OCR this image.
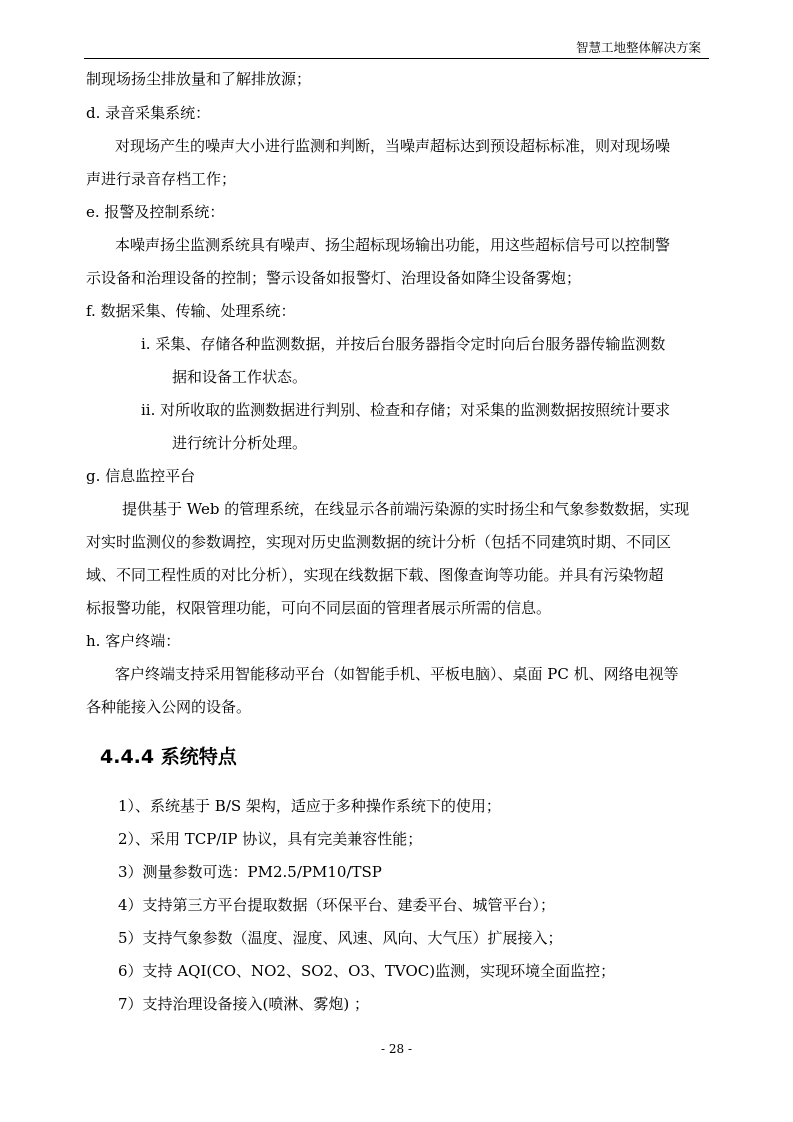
智慧工地整体解决方案
制现场扬尘排放量和了解排放源；
d. 录音采集系统：
对现场产生的噪声大小进行监测和判断，当噪声超标达到预设超标标准，则对现场噪
声进行录音存档工作；
e. 报警及控制系统：
本噪声扬尘监测系统具有噪声、扬尘超标现场输出功能，用这些超标信号可以控制警
示设备和治理设备的控制；警示设备如报警灯、治理设备如降尘设备雾炮；
f. 数据采集、传输、处理系统：
i. 采集、存储各种监测数据，并按后台服务器指令定时向后台服务器传输监测数
据和设备工作状态。
ii. 对所收取的监测数据进行判别、检查和存储；对采集的监测数据按照统计要求
进行统计分析处理。
g. 信息监控平台
提供基于 Web 的管理系统，在线显示各前端污染源的实时扬尘和气象参数数据，实现
对实时监测仪的参数调控，实现对历史监测数据的统计分析（包括不同建筑时期、不同区
域、不同工程性质的对比分析），实现在线数据下载、图像查询等功能。并具有污染物超
标报警功能，权限管理功能，可向不同层面的管理者展示所需的信息。
h. 客户终端：
客户终端支持采用智能移动平台（如智能手机、平板电脑）、桌面 PC 机、网络电视等
各种能接入公网的设备。
4.4.4 系统特点
1）、系统基于 B/S 架构，适应于多种操作系统下的使用；
2）、采用 TCP/IP 协议，具有完美兼容性能；
3）测量参数可选：PM2.5/PM10/TSP
4）支持第三方平台提取数据（环保平台、建委平台、城管平台）；
5）支持气象参数（温度、湿度、风速、风向、大气压）扩展接入；
6）支持 AQI(CO、NO2、SO2、O3、TVOC)监测，实现环境全面监控；
7）支持治理设备接入(喷淋、雾炮) ；
- 28 -
